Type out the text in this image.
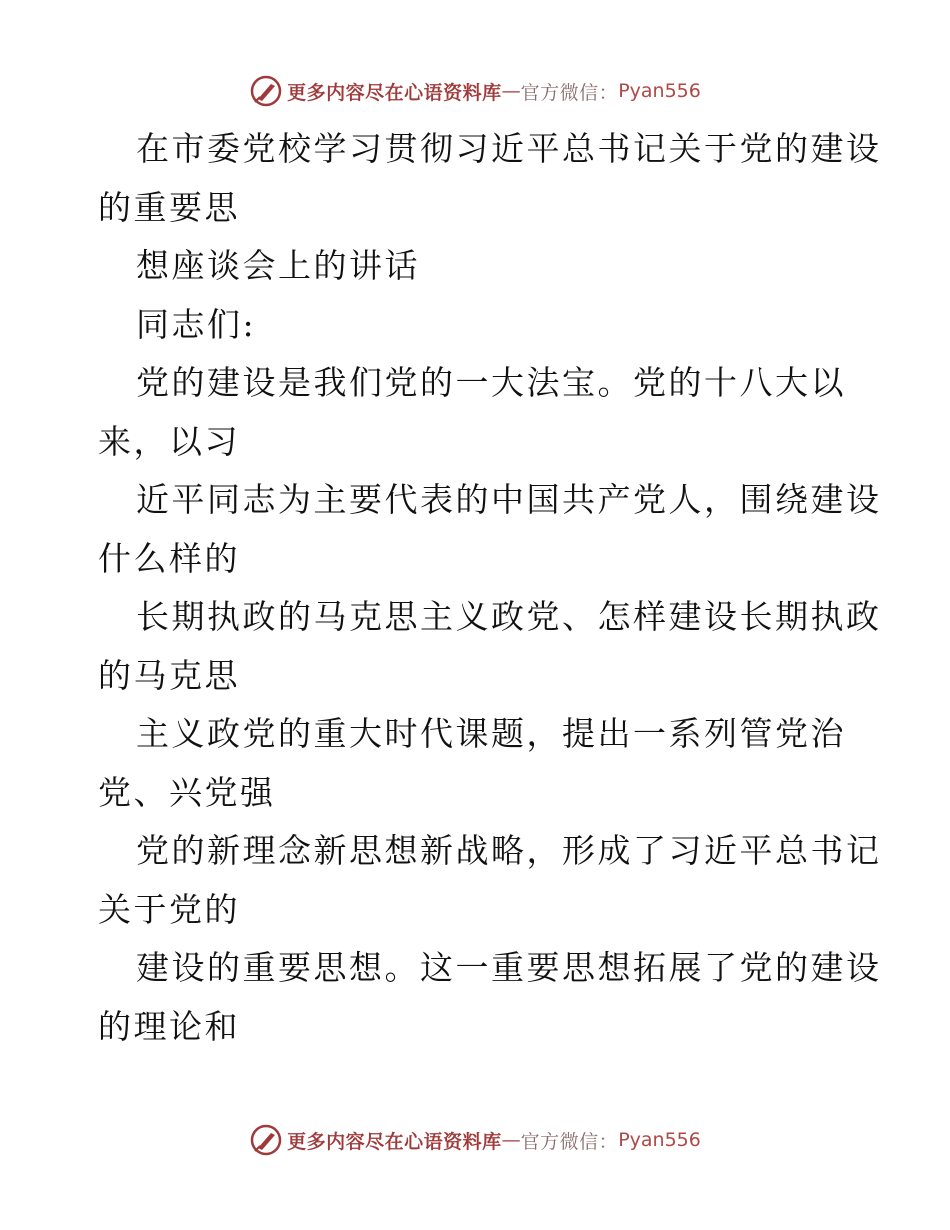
更多内容尽在心语资料库 — 官方微信： Pyan556
在市委党校学习贯彻习近平总书记关于党的建设
的重要思
想座谈会上的讲话
同志们:
党的建设是我们党的一大法宝。党的十八大以
来，以习
近平同志为主要代表的中国共产党人，围绕建设
什么样的
长期执政的马克思主义政党、怎样建设长期执政
的马克思
主义政党的重大时代课题，提出一系列管党治
党、兴党强
党的新理念新思想新战略，形成了习近平总书记
关于党的
建设的重要思想。这一重要思想拓展了党的建设
的理论和
更多内容尽在心语资料库 — 官方微信： Pyan556
